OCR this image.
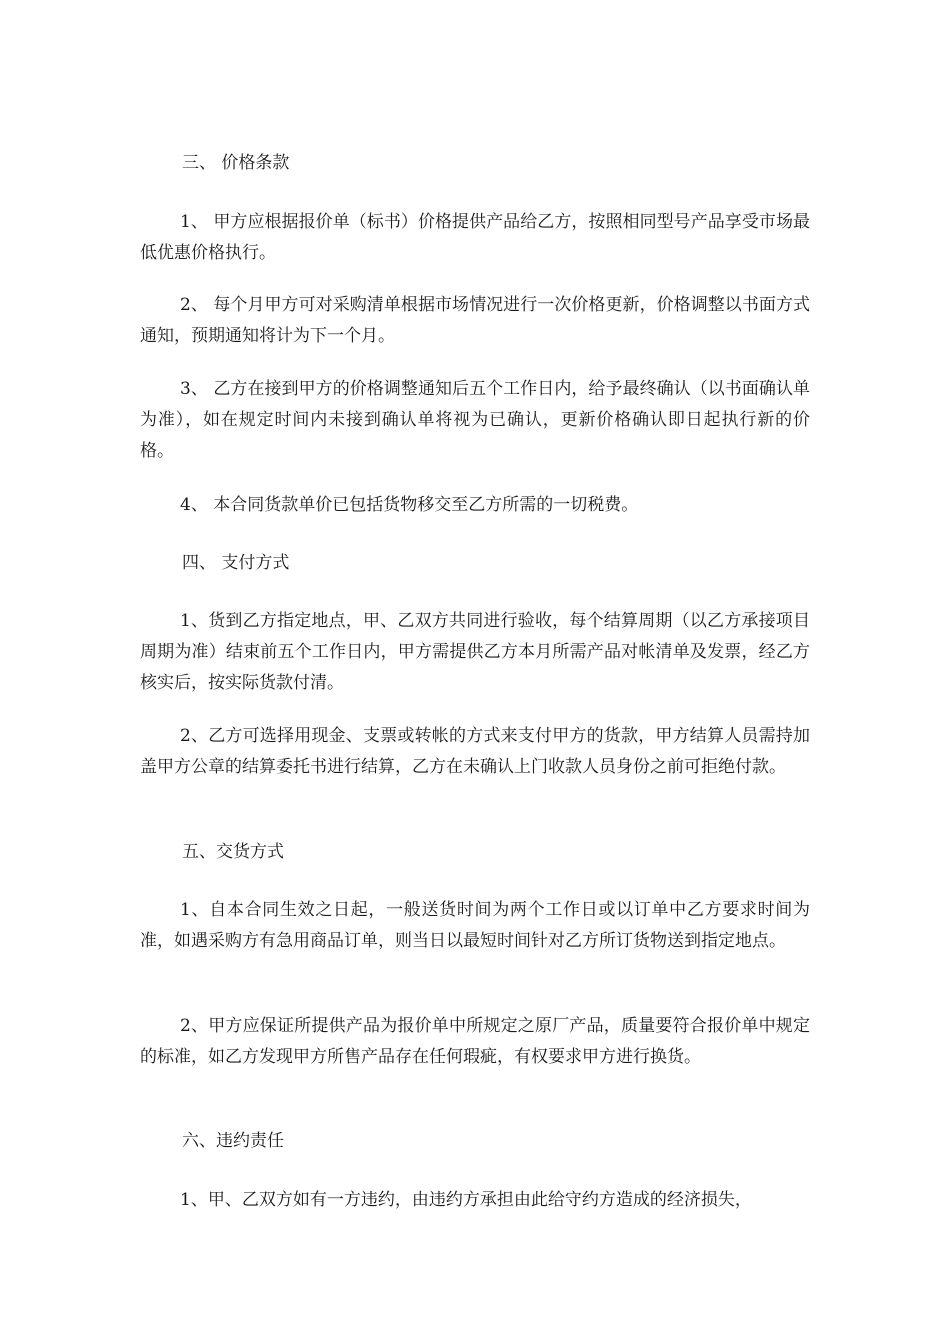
三、 价格条款
1、 甲方应根据报价单（标书）价格提供产品给乙方，按照相同型号产品享受市场最低优惠价格执行。
2、 每个月甲方可对采购清单根据市场情况进行一次价格更新，价格调整以书面方式通知，预期通知将计为下一个月。
3、 乙方在接到甲方的价格调整通知后五个工作日内，给予最终确认（以书面确认单为准），如在规定时间内未接到确认单将视为已确认，更新价格确认即日起执行新的价格。
4、 本合同货款单价已包括货物移交至乙方所需的一切税费。
四、 支付方式
1、货到乙方指定地点，甲、乙双方共同进行验收，每个结算周期（以乙方承接项目周期为准）结束前五个工作日内，甲方需提供乙方本月所需产品对帐清单及发票，经乙方核实后，按实际货款付清。
2、乙方可选择用现金、支票或转帐的方式来支付甲方的货款，甲方结算人员需持加盖甲方公章的结算委托书进行结算，乙方在未确认上门收款人员身份之前可拒绝付款。
五、交货方式
1、自本合同生效之日起，一般送货时间为两个工作日或以订单中乙方要求时间为准，如遇采购方有急用商品订单，则当日以最短时间针对乙方所订货物送到指定地点。
2、甲方应保证所提供产品为报价单中所规定之原厂产品，质量要符合报价单中规定的标准，如乙方发现甲方所售产品存在任何瑕疵，有权要求甲方进行换货。
六、违约责任
1、甲、乙双方如有一方违约，由违约方承担由此给守约方造成的经济损失，
